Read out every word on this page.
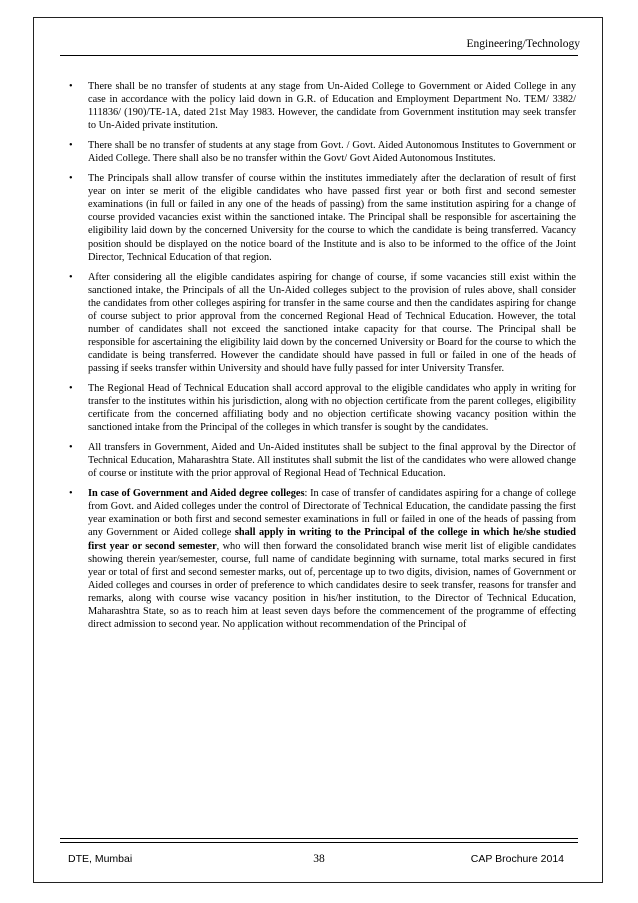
Engineering/Technology
•	There shall be no transfer of students at any stage from Un-Aided College to Government or Aided College in any case in accordance with the policy laid down in G.R. of Education and Employment Department No. TEM/ 3382/ 111836/ (190)/TE-1A, dated 21st May 1983. However, the candidate from Government institution may seek transfer to Un-Aided private institution.
•	There shall be no transfer of students at any stage from Govt. / Govt. Aided Autonomous Institutes to Government or Aided College. There shall also be no transfer within the Govt/ Govt Aided Autonomous Institutes.
•	The Principals shall allow transfer of course within the institutes immediately after the declaration of result of first year on inter se merit of the eligible candidates who have passed first year or both first and second semester examinations (in full or failed in any one of the heads of passing) from the same institution aspiring for a change of course provided vacancies exist within the sanctioned intake. The Principal shall be responsible for ascertaining the eligibility laid down by the concerned University for the course to which the candidate is being transferred. Vacancy position should be displayed on the notice board of the Institute and is also to be informed to the office of the Joint Director, Technical Education of that region.
•	After considering all the eligible candidates aspiring for change of course, if some vacancies still exist within the sanctioned intake, the Principals of all the Un-Aided colleges subject to the provision of rules above, shall consider the candidates from other colleges aspiring for transfer in the same course and then the candidates aspiring for change of course subject to prior approval from the concerned Regional Head of Technical Education. However, the total number of candidates shall not exceed the sanctioned intake capacity for that course. The Principal shall be responsible for ascertaining the eligibility laid down by the concerned University or Board for the course to which the candidate is being transferred. However the candidate should have passed in full or failed in one of the heads of passing if seeks transfer within University and should have fully passed for inter University Transfer.
•	The Regional Head of Technical Education shall accord approval to the eligible candidates who apply in writing for transfer to the institutes within his jurisdiction, along with no objection certificate from the parent colleges, eligibility certificate from the concerned affiliating body and no objection certificate showing vacancy position within the sanctioned intake from the Principal of the colleges in which transfer is sought by the candidates.
•	All transfers in Government, Aided and Un-Aided institutes shall be subject to the final approval by the Director of Technical Education, Maharashtra State. All institutes shall submit the list of the candidates who were allowed change of course or institute with the prior approval of Regional Head of Technical Education.
•	In case of Government and Aided degree colleges: In case of transfer of candidates aspiring for a change of college from Govt. and Aided colleges under the control of Directorate of Technical Education, the candidate passing the first year examination or both first and second semester examinations in full or failed in one of the heads of passing from any Government or Aided college shall apply in writing to the Principal of the college in which he/she studied first year or second semester, who will then forward the consolidated branch wise merit list of eligible candidates showing therein year/semester, course, full name of candidate beginning with surname, total marks secured in first year or total of first and second semester marks, out of, percentage up to two digits, division, names of Government or Aided colleges and courses in order of preference to which candidates desire to seek transfer, reasons for transfer and remarks, along with course wise vacancy position in his/her institution, to the Director of Technical Education, Maharashtra State, so as to reach him at least seven days before the commencement of the programme of effecting direct admission to second year. No application without recommendation of the Principal of
DTE, Mumbai	38	CAP Brochure 2014
